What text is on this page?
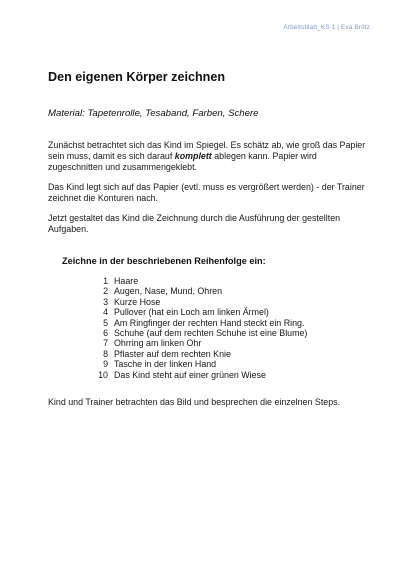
Arbeitsblatt_KS 1 | Eva Brötz
Den eigenen Körper zeichnen
Material: Tapetenrolle, Tesaband, Farben, Schere
Zunächst betrachtet sich das Kind im Spiegel. Es schätz ab, wie groß das Papier sein muss, damit es sich darauf komplett ablegen kann. Papier wird zugeschnitten und zusammengeklebt.
Das Kind legt sich auf das Papier (evtl. muss es vergrößert werden) - der Trainer zeichnet die Konturen nach.
Jetzt gestaltet das Kind die Zeichnung durch die Ausführung der gestellten Aufgaben.
Zeichne in der beschriebenen Reihenfolge ein:
1 Haare
2 Augen, Nase, Mund, Ohren
3 Kurze Hose
4 Pullover (hat ein Loch am linken Ärmel)
5 Am Ringfinger der rechten Hand steckt ein Ring.
6 Schuhe (auf dem rechten Schuhe ist eine Blume)
7 Ohrring am linken Ohr
8 Pflaster auf dem rechten Knie
9 Tasche in der linken Hand
10 Das Kind steht auf einer grünen Wiese
Kind und Trainer betrachten das Bild und besprechen die einzelnen Steps.
